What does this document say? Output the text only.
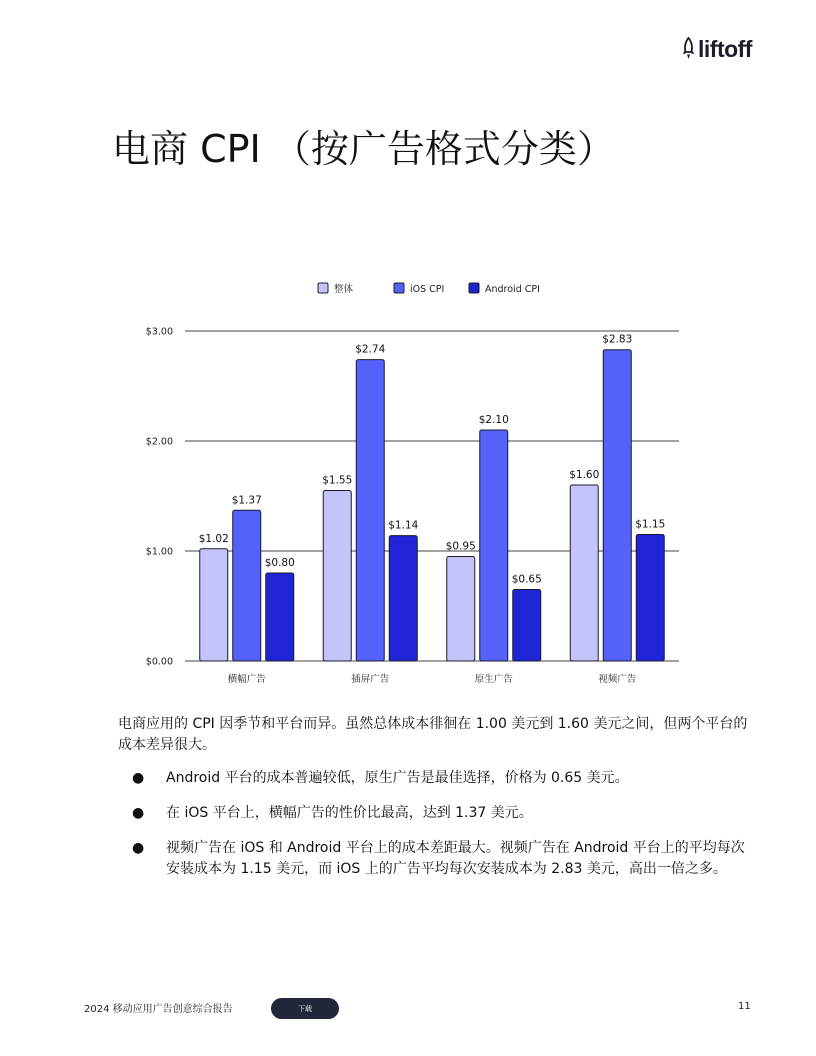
liftoff
电商 CPI （按广告格式分类）
$0.00
$1.00
$2.00
$3.00
$1.02
$1.37
$0.80
横幅广告
$1.55
$2.74
$1.14
插屏广告
$0.95
$2.10
$0.65
原生广告
$1.60
$2.83
$1.15
视频广告
整体	iOS CPI	Android CPI

电商应用的 CPI 因季节和平台而异。虽然总体成本徘徊在 1.00 美元到 1.60 美元之间，但两个平台的成本差异很大。

● Android 平台的成本普遍较低，原生广告是最佳选择，价格为 0.65 美元。
● 在 iOS 平台上，横幅广告的性价比最高，达到 1.37 美元。
● 视频广告在 iOS 和 Android 平台上的成本差距最大。视频广告在 Android 平台上的平均每次安装成本为 1.15 美元，而 iOS 上的广告平均每次安装成本为 2.83 美元，高出一倍之多。
2024 移动应用广告创意综合报告	下载	11
